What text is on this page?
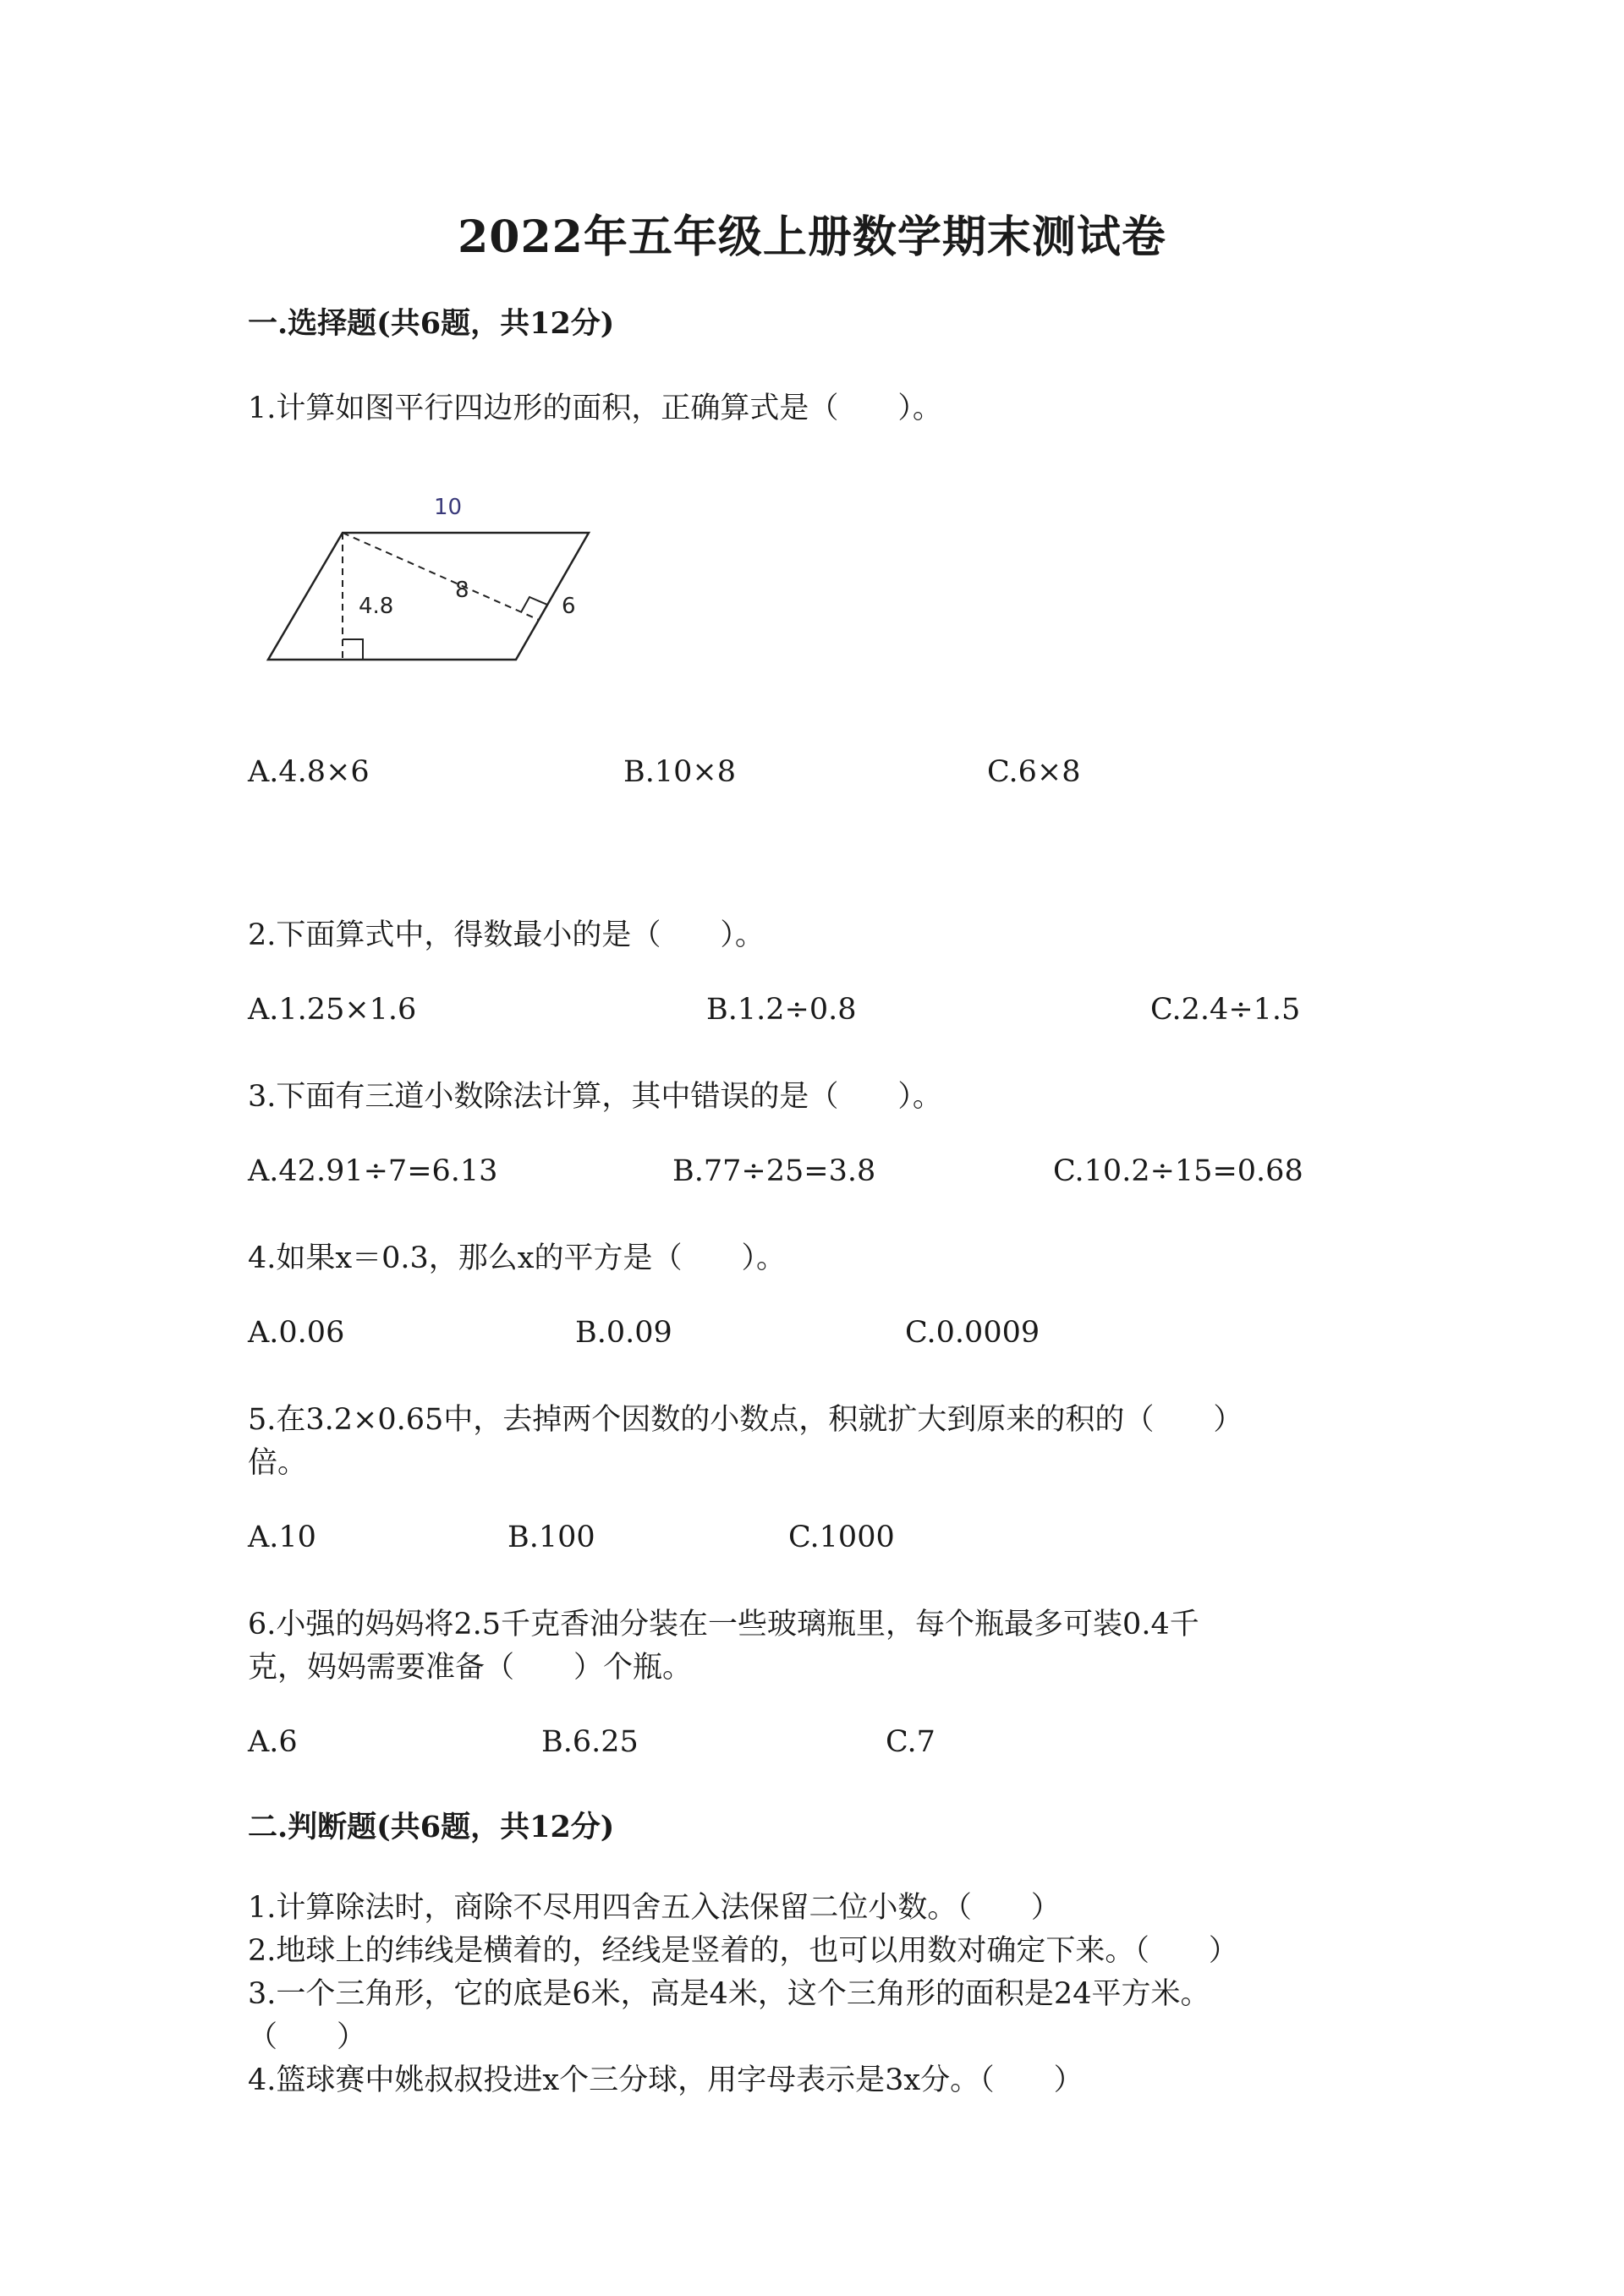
2022年五年级上册数学期末测试卷
一.选择题(共6题，共12分)
1.计算如图平行四边形的面积，正确算式是（　　）。
10
4.8
8
6
A.4.8×6	B.10×8	C.6×8
2.下面算式中，得数最小的是（　　）。
A.1.25×1.6	B.1.2÷0.8	C.2.4÷1.5
3.下面有三道小数除法计算，其中错误的是（　　）。
A.42.91÷7=6.13	B.77÷25=3.8	C.10.2÷15=0.68
4.如果x＝0.3，那么x的平方是（　　）。
A.0.06	B.0.09	C.0.0009
5.在3.2×0.65中，去掉两个因数的小数点，积就扩大到原来的积的（　　）
倍。
A.10	B.100	C.1000
6.小强的妈妈将2.5千克香油分装在一些玻璃瓶里，每个瓶最多可装0.4千
克，妈妈需要准备（　　）个瓶。
A.6	B.6.25	C.7
二.判断题(共6题，共12分)
1.计算除法时，商除不尽用四舍五入法保留二位小数。（　　）
2.地球上的纬线是横着的，经线是竖着的，也可以用数对确定下来。（　　）
3.一个三角形，它的底是6米，高是4米，这个三角形的面积是24平方米。
（　　）
4.篮球赛中姚叔叔投进x个三分球，用字母表示是3x分。（　　）
